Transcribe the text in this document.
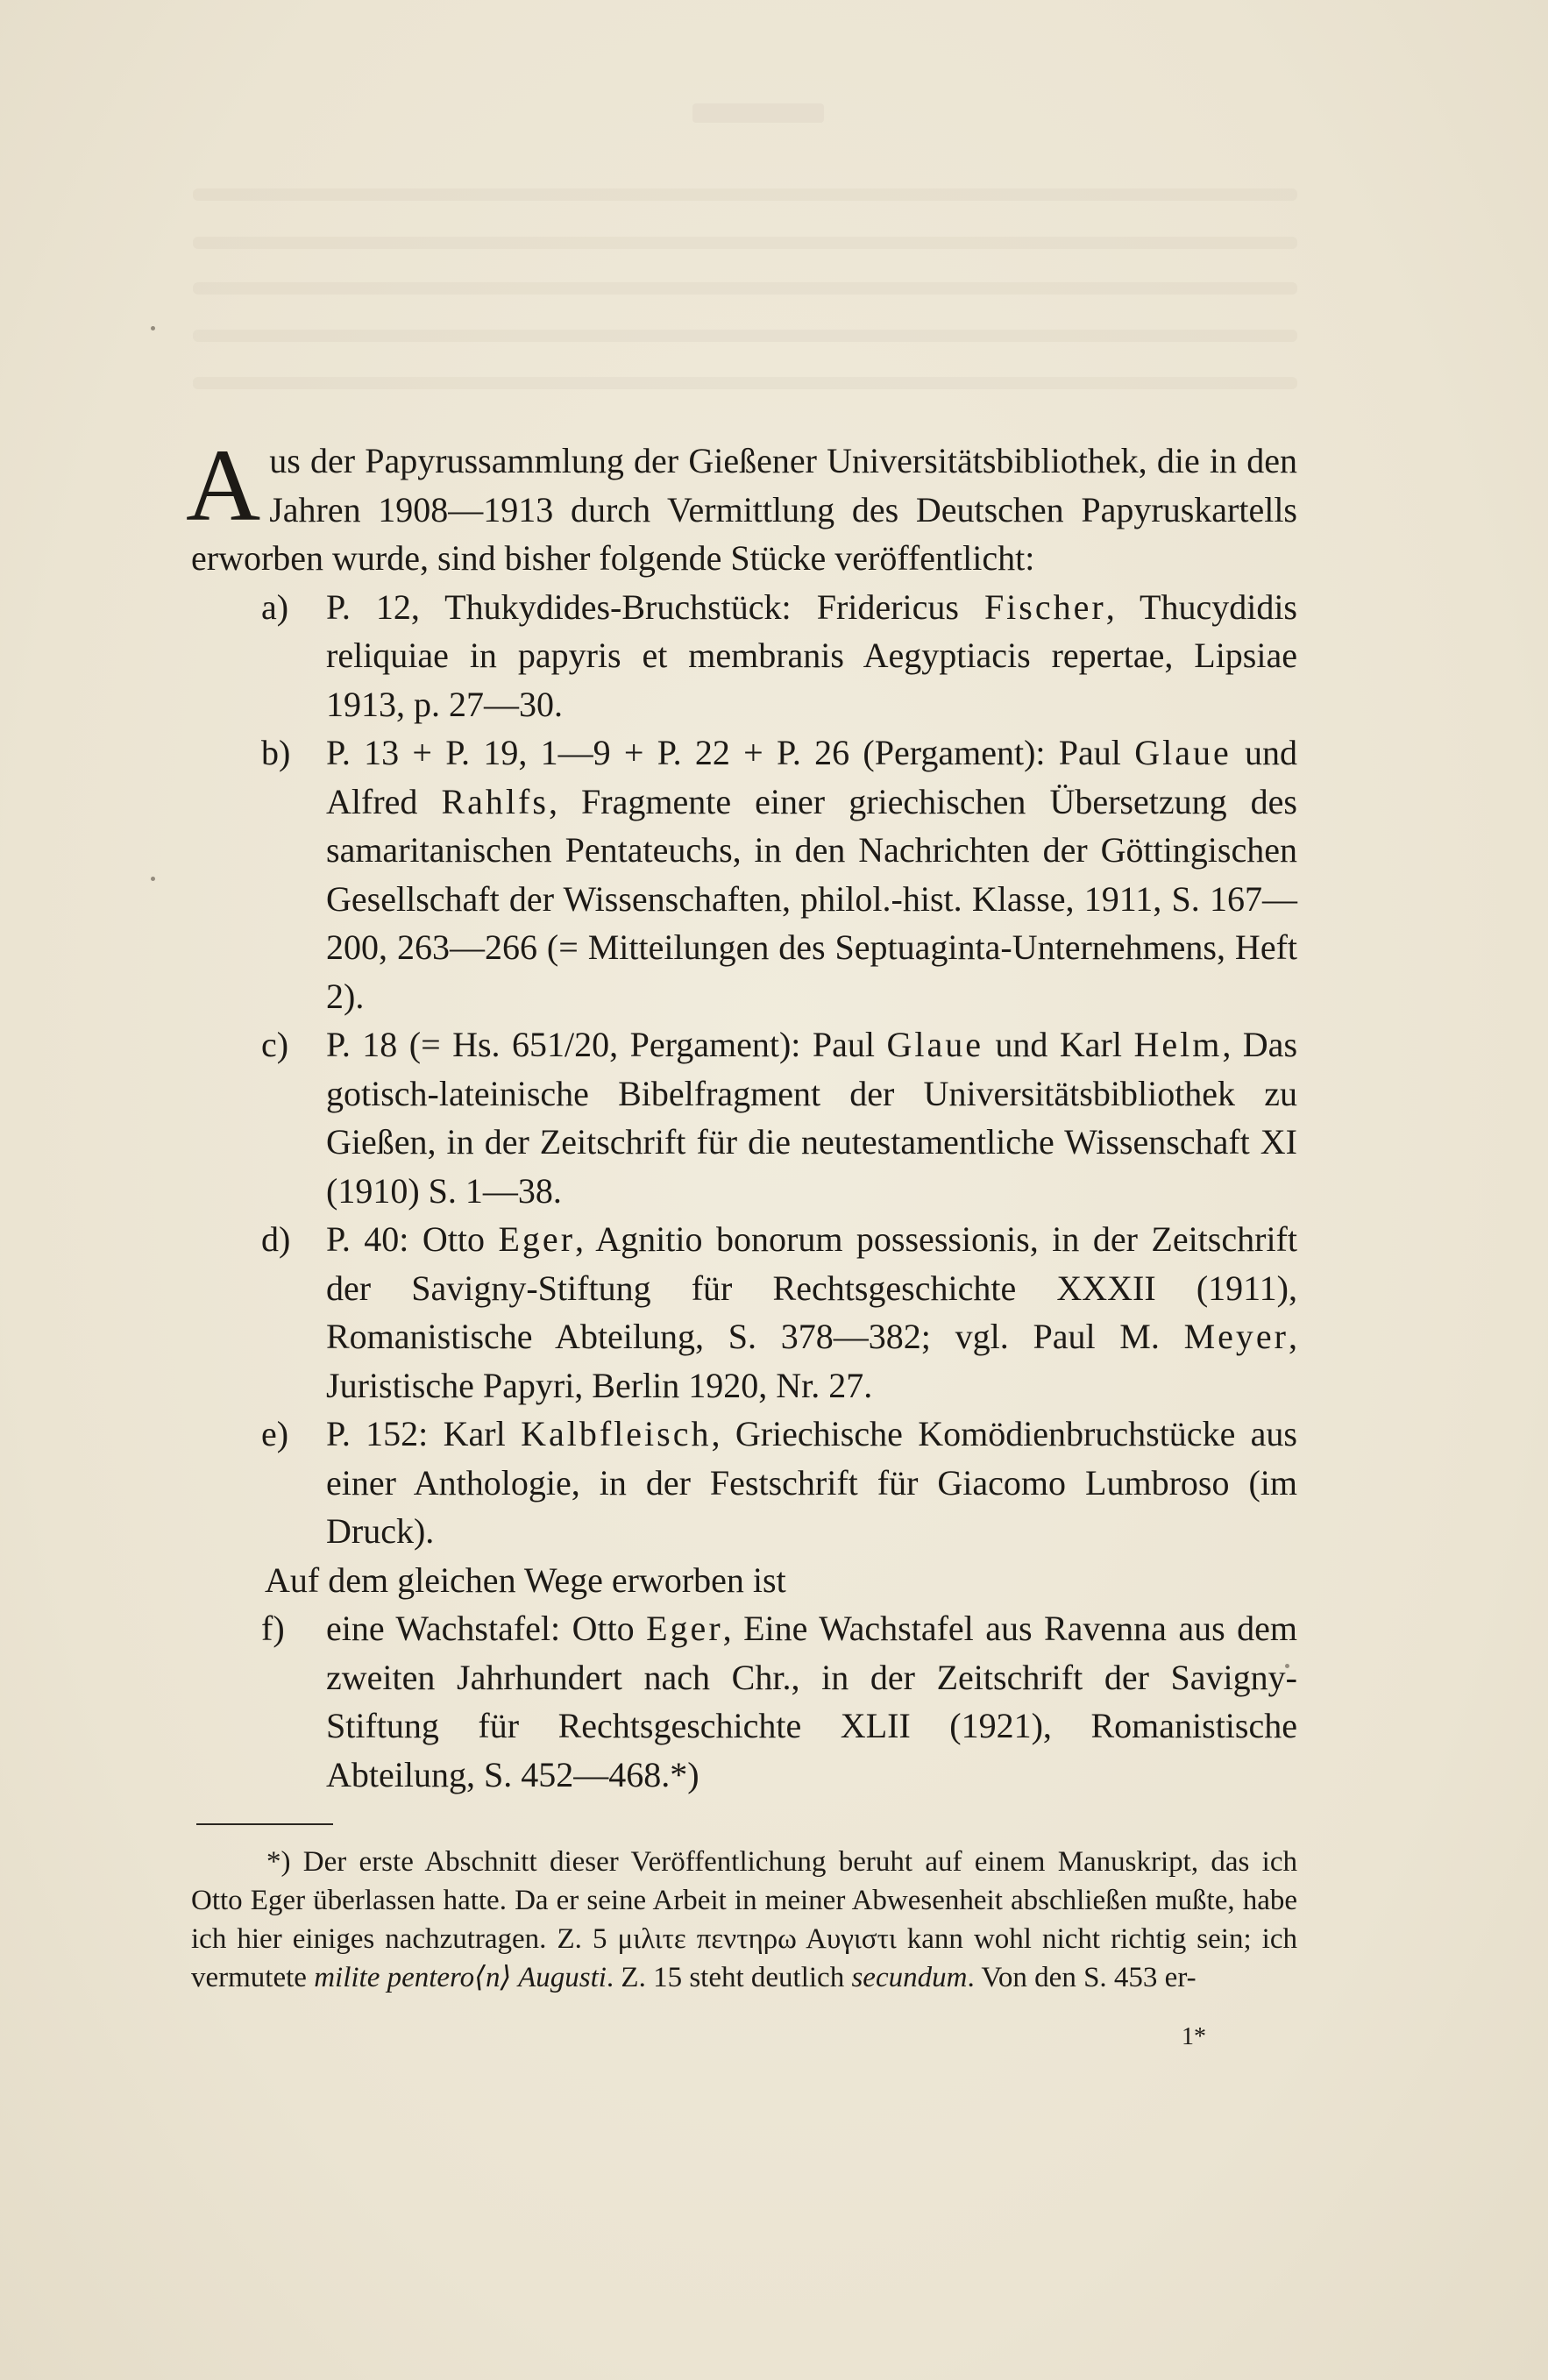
Aus der Papyrussammlung der Gießener Universitätsbibliothek, die in den Jahren 1908—1913 durch Vermittlung des Deutschen Papyruskartells erworben wurde, sind bisher folgende Stücke veröffentlicht:

a) P. 12, Thukydides-Bruchstück: Fridericus Fischer, Thucydidis reliquiae in papyris et membranis Aegyptiacis repertae, Lipsiae 1913, p. 27—30.
b) P. 13 + P. 19, 1—9 + P. 22 + P. 26 (Pergament): Paul Glaue und Alfred Rahlfs, Fragmente einer griechischen Übersetzung des samaritanischen Pentateuchs, in den Nachrichten der Göttingischen Gesellschaft der Wissenschaften, philol.-hist. Klasse, 1911, S. 167—200, 263—266 (= Mitteilungen des Septuaginta-Unternehmens, Heft 2).
c) P. 18 (= Hs. 651/20, Pergament): Paul Glaue und Karl Helm, Das gotisch-lateinische Bibelfragment der Universitätsbibliothek zu Gießen, in der Zeitschrift für die neutestamentliche Wissenschaft XI (1910) S. 1—38.
d) P. 40: Otto Eger, Agnitio bonorum possessionis, in der Zeitschrift der Savigny-Stiftung für Rechtsgeschichte XXXII (1911), Romanistische Abteilung, S. 378—382; vgl. Paul M. Meyer, Juristische Papyri, Berlin 1920, Nr. 27.
e) P. 152: Karl Kalbfleisch, Griechische Komödienbruchstücke aus einer Anthologie, in der Festschrift für Giacomo Lumbroso (im Druck).

Auf dem gleichen Wege erworben ist

f) eine Wachstafel: Otto Eger, Eine Wachstafel aus Ravenna aus dem zweiten Jahrhundert nach Chr., in der Zeitschrift der Savigny-Stiftung für Rechtsgeschichte XLII (1921), Romanistische Abteilung, S. 452—468.*)

*) Der erste Abschnitt dieser Veröffentlichung beruht auf einem Manuskript, das ich Otto Eger überlassen hatte. Da er seine Arbeit in meiner Abwesenheit abschließen mußte, habe ich hier einiges nachzutragen. Z. 5 μιλιτε πεντηρω Αυγιστι kann wohl nicht richtig sein; ich vermutete milite pentero⟨n⟩ Augusti. Z. 15 steht deutlich secundum. Von den S. 453 er-

1*
